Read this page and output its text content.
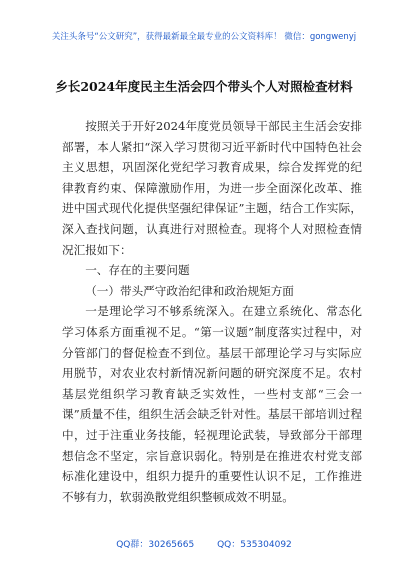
关注头条号“公文研究”，获得最新最全最专业的公文资料库！ 微信：gongwenyj
乡长2024年度民主生活会四个带头个人对照检查材料

按照关于开好2024年度党员领导干部民主生活会安排部署，本人紧扣“深入学习贯彻习近平新时代中国特色社会主义思想，巩固深化党纪学习教育成果，综合发挥党的纪律教育约束、保障激励作用，为进一步全面深化改革、推进中国式现代化提供坚强纪律保证”主题，结合工作实际，深入查找问题，认真进行对照检查。现将个人对照检查情况汇报如下：

一、存在的主要问题

（一）带头严守政治纪律和政治规矩方面

一是理论学习不够系统深入。在建立系统化、常态化学习体系方面重视不足。“第一议题”制度落实过程中，对分管部门的督促检查不到位。基层干部理论学习与实际应用脱节，对农业农村新情况新问题的研究深度不足。农村基层党组织学习教育缺乏实效性，一些村支部“三会一课”质量不佳，组织生活会缺乏针对性。基层干部培训过程中，过于注重业务技能，轻视理论武装，导致部分干部理想信念不坚定，宗旨意识弱化。特别是在推进农村党支部标准化建设中，组织力提升的重要性认识不足，工作推进不够有力，软弱涣散党组织整顿成效不明显。

QQ群：30265665	QQ：535304092
